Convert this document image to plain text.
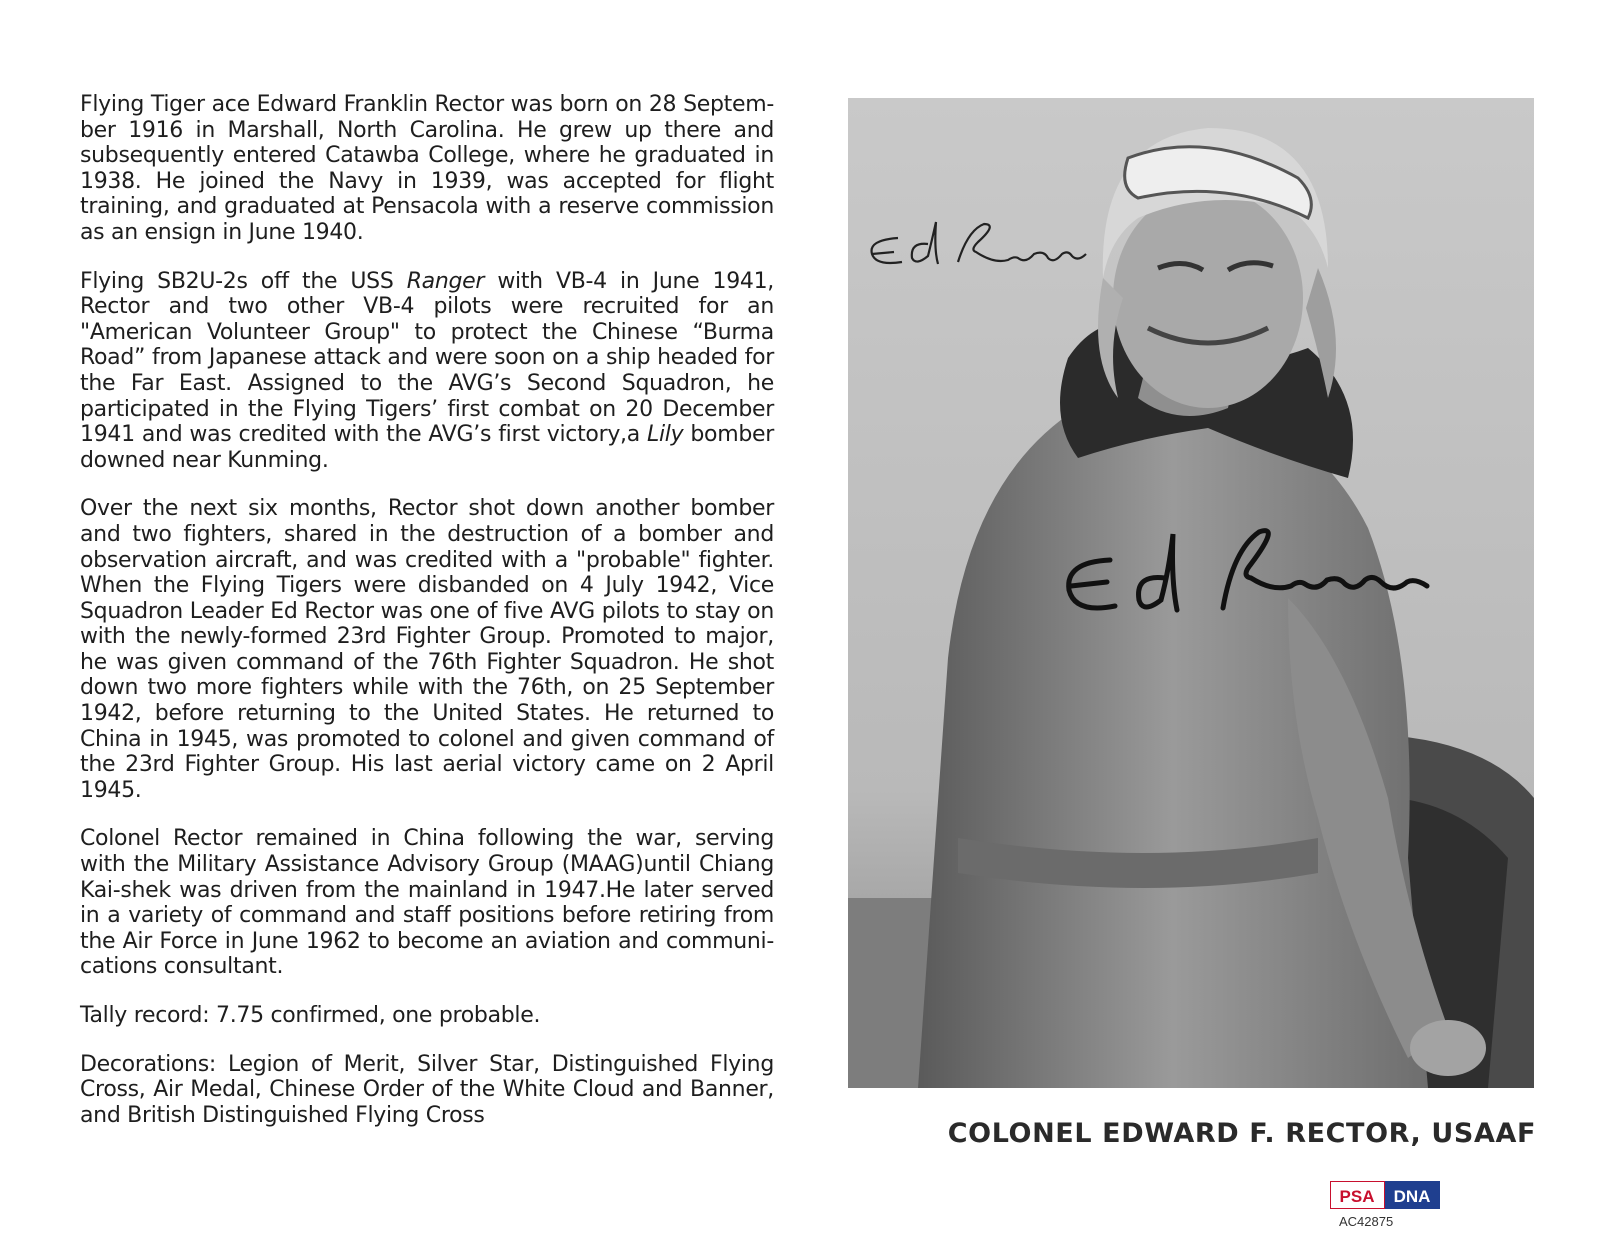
Flying Tiger ace Edward Franklin Rector was born on 28 Septem-ber 1916 in Marshall, North Carolina. He grew up there and subsequently entered Catawba College, where he graduated in 1938. He joined the Navy in 1939, was accepted for flight training, and graduated at Pensacola with a reserve commission as an ensign in June 1940.

Flying SB2U-2s off the USS Ranger with VB-4 in June 1941, Rector and two other VB-4 pilots were recruited for an "American Volunteer Group" to protect the Chinese “Burma Road” from Japanese attack and were soon on a ship headed for the Far East. Assigned to the AVG’s Second Squadron, he participated in the Flying Tigers’ first combat on 20 December 1941 and was credited with the AVG’s first victory,a Lily bomber downed near Kunming.

Over the next six months, Rector shot down another bomber and two fighters, shared in the destruction of a bomber and observation aircraft, and was credited with a "probable" fighter. When the Flying Tigers were disbanded on 4 July 1942, Vice Squadron Leader Ed Rector was one of five AVG pilots to stay on with the newly-formed 23rd Fighter Group. Promoted to major, he was given command of the 76th Fighter Squadron. He shot down two more fighters while with the 76th, on 25 September 1942, before returning to the United States. He returned to China in 1945, was promoted to colonel and given command of the 23rd Fighter Group. His last aerial victory came on 2 April 1945.

Colonel Rector remained in China following the war, serving with the Military Assistance Advisory Group (MAAG)until Chiang Kai-shek was driven from the mainland in 1947.He later served in a variety of command and staff positions before retiring from the Air Force in June 1962 to become an aviation and communi-cations consultant.

Tally record: 7.75 confirmed, one probable.

Decorations: Legion of Merit, Silver Star, Distinguished Flying Cross, Air Medal, Chinese Order of the White Cloud and Banner, and British Distinguished Flying Cross

COLONEL EDWARD F. RECTOR, USAAF
PSA DNA
AC42875
